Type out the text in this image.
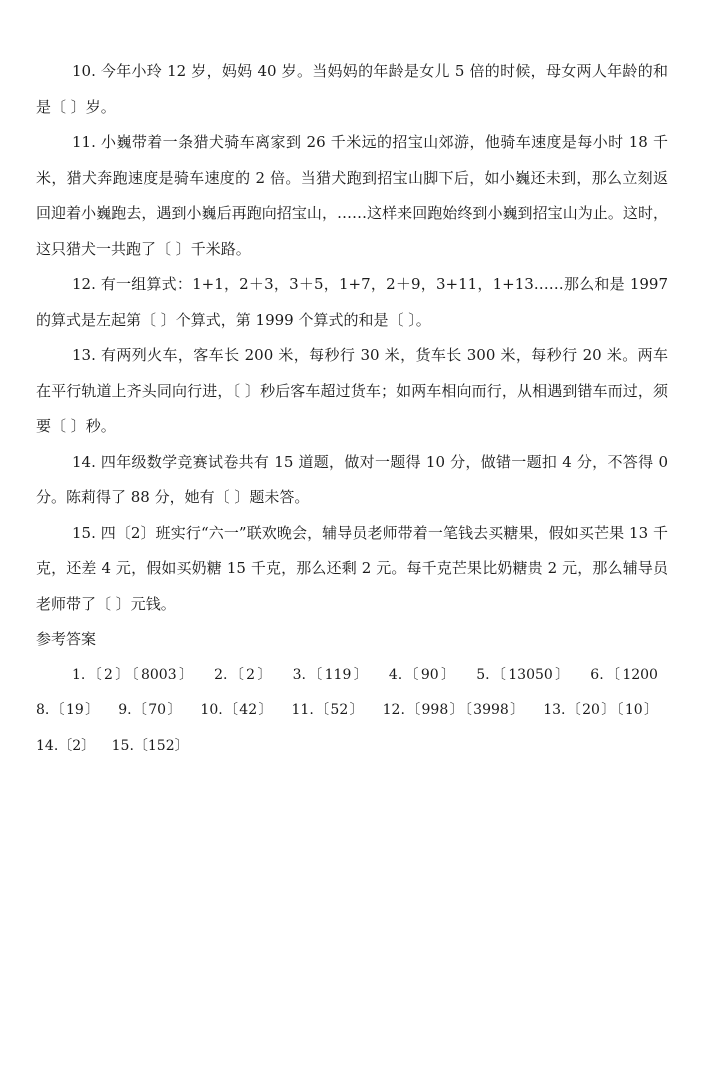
10. 今年小玲 12 岁，妈妈 40 岁。当妈妈的年龄是女儿 5 倍的时候，母女两人年龄的和是〔 〕岁。

11. 小巍带着一条猎犬骑车离家到 26 千米远的招宝山郊游，他骑车速度是每小时 18 千米，猎犬奔跑速度是骑车速度的 2 倍。当猎犬跑到招宝山脚下后，如小巍还未到，那么立刻返回迎着小巍跑去，遇到小巍后再跑向招宝山，……这样来回跑始终到小巍到招宝山为止。这时，这只猎犬一共跑了〔 〕千米路。

12. 有一组算式：1+1，2＋3，3＋5，1+7，2＋9，3+11，1+13……那么和是 1997 的算式是左起第〔 〕个算式，第 1999 个算式的和是〔 〕。

13. 有两列火车，客车长 200 米，每秒行 30 米，货车长 300 米，每秒行 20 米。两车在平行轨道上齐头同向行进，〔 〕秒后客车超过货车；如两车相向而行，从相遇到错车而过，须要〔 〕秒。

14. 四年级数学竞赛试卷共有 15 道题，做对一题得 10 分，做错一题扣 4 分，不答得 0 分。陈莉得了 88 分，她有〔 〕题未答。

15. 四〔2〕班实行“六一”联欢晚会，辅导员老师带着一笔钱去买糖果，假如买芒果 13 千克，还差 4 元，假如买奶糖 15 千克，那么还剩 2 元。每千克芒果比奶糖贵 2 元，那么辅导员老师带了〔 〕元钱。

参考答案

1.〔2〕〔8003〕 2.〔2〕 3.〔119〕 4.〔90〕 5.〔13050〕 6.〔1200 8.〔19〕 9.〔70〕 10.〔42〕 11.〔52〕 12.〔998〕〔3998〕 13.〔20〕〔10〕 14.〔2〕 15.〔152〕
